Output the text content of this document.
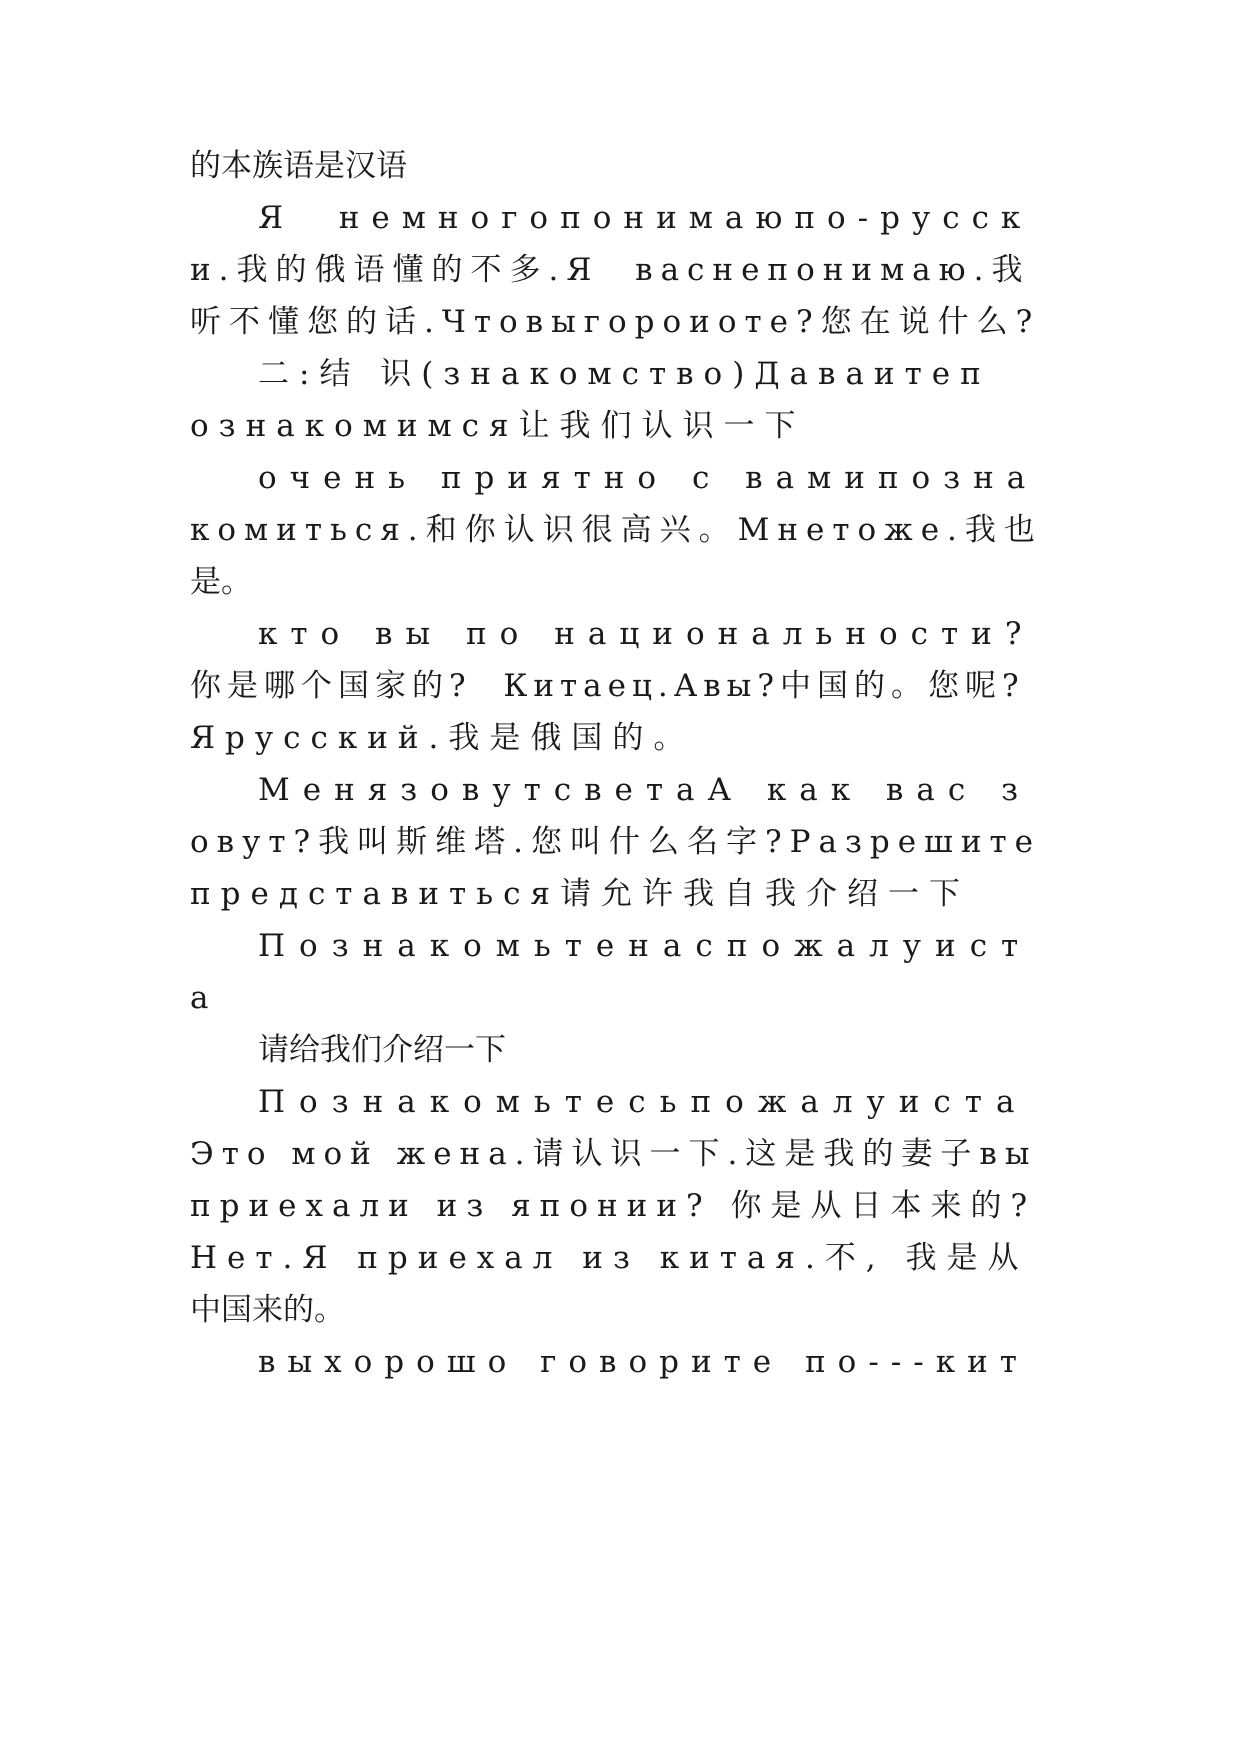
的本族语是汉语
Я  немногопонимаюпо-русск
и.我的俄语懂的不多.Я  васнепонимаю.我
听不懂您的话.Чтовыгороиоте?您在说什么?
二:结 识(знакомство)Даваитеп
ознакомимся让我们认识一下
очень приятно с вамипозна
комиться.和你认识很高兴。Мнетоже.我也
是。
кто вы по национальности?
你是哪个国家的?  Китаец.Авы?中国的。您呢?
Ярусский.我是俄国的。
МенязовутсветаА как вас з
овут?我叫斯维塔.您叫什么名字?Разрешите
представиться请允许我自我介绍一下
Познакомьтенаспожалуист
а
请给我们介绍一下
Познакомьтесьпожалуиста
Это мой жена.请认识一下.这是我的妻子вы
приехали из японии? 你是从日本来的?
Нет.Я приехал из китая.不, 我是从
中国来的。
выхорошо говорите по---кит
